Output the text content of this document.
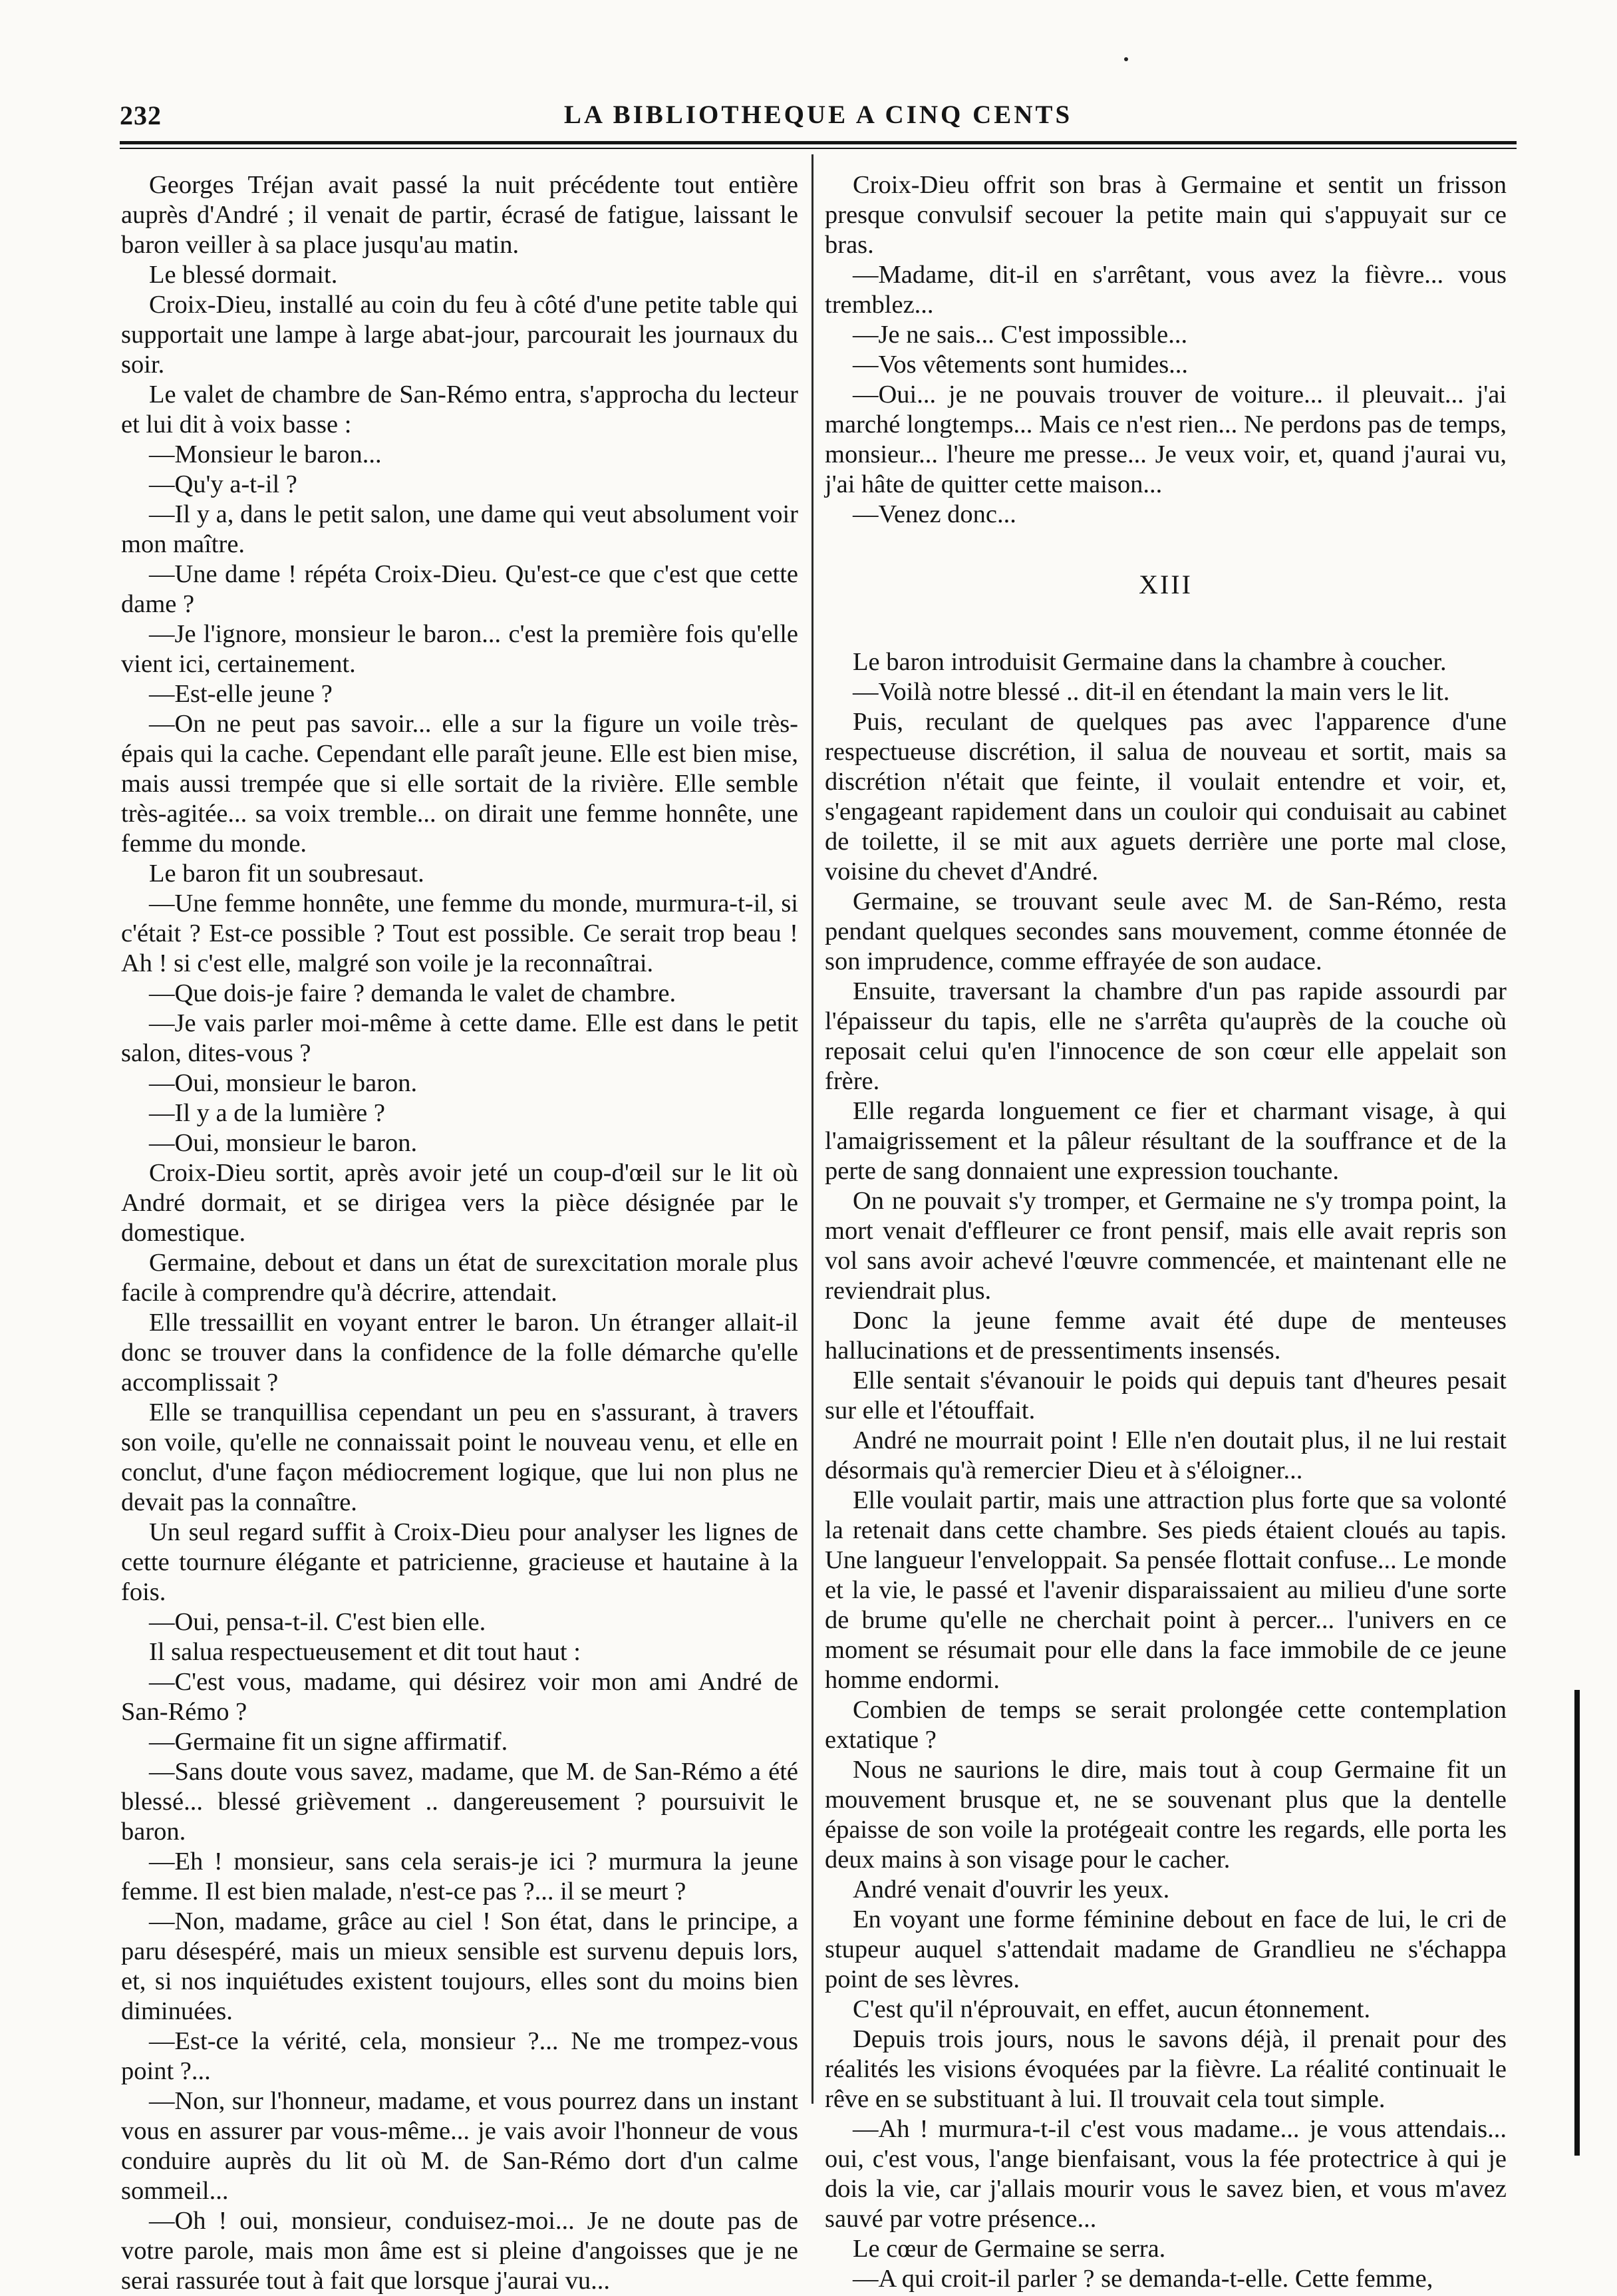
232	LA BIBLIOTHEQUE A CINQ CENTS

Georges Tréjan avait passé la nuit précédente tout entière auprès d'André ; il venait de partir, écrasé de fatigue, laissant le baron veiller à sa place jusqu'au matin.

Le blessé dormait.

Croix-Dieu, installé au coin du feu à côté d'une petite table qui supportait une lampe à large abat-jour, parcourait les journaux du soir.

Le valet de chambre de San-Rémo entra, s'approcha du lecteur et lui dit à voix basse :

—Monsieur le baron...

—Qu'y a-t-il ?

—Il y a, dans le petit salon, une dame qui veut absolument voir mon maître.

—Une dame ! répéta Croix-Dieu. Qu'est-ce que c'est que cette dame ?

—Je l'ignore, monsieur le baron... c'est la première fois qu'elle vient ici, certainement.

—Est-elle jeune ?

—On ne peut pas savoir... elle a sur la figure un voile très-épais qui la cache. Cependant elle paraît jeune. Elle est bien mise, mais aussi trempée que si elle sortait de la rivière. Elle semble très-agitée... sa voix tremble... on dirait une femme honnête, une femme du monde.

Le baron fit un soubresaut.

—Une femme honnête, une femme du monde, murmura-t-il, si c'était ? Est-ce possible ? Tout est possible. Ce serait trop beau ! Ah ! si c'est elle, malgré son voile je la reconnaîtrai.

—Que dois-je faire ? demanda le valet de chambre.

—Je vais parler moi-même à cette dame. Elle est dans le petit salon, dites-vous ?

—Oui, monsieur le baron.

—Il y a de la lumière ?

—Oui, monsieur le baron.

Croix-Dieu sortit, après avoir jeté un coup-d'œil sur le lit où André dormait, et se dirigea vers la pièce désignée par le domestique.

Germaine, debout et dans un état de surexcitation morale plus facile à comprendre qu'à décrire, attendait.

Elle tressaillit en voyant entrer le baron. Un étranger allait-il donc se trouver dans la confidence de la folle démarche qu'elle accomplissait ?

Elle se tranquillisa cependant un peu en s'assurant, à travers son voile, qu'elle ne connaissait point le nouveau venu, et elle en conclut, d'une façon médiocrement logique, que lui non plus ne devait pas la connaître.

Un seul regard suffit à Croix-Dieu pour analyser les lignes de cette tournure élégante et patricienne, gracieuse et hautaine à la fois.

—Oui, pensa-t-il. C'est bien elle.

Il salua respectueusement et dit tout haut :

—C'est vous, madame, qui désirez voir mon ami André de San-Rémo ?

—Germaine fit un signe affirmatif.

—Sans doute vous savez, madame, que M. de San-Rémo a été blessé... blessé grièvement .. dangereusement ? poursuivit le baron.

—Eh ! monsieur, sans cela serais-je ici ? murmura la jeune femme. Il est bien malade, n'est-ce pas ?... il se meurt ?

—Non, madame, grâce au ciel ! Son état, dans le principe, a paru désespéré, mais un mieux sensible est survenu depuis lors, et, si nos inquiétudes existent toujours, elles sont du moins bien diminuées.

—Est-ce la vérité, cela, monsieur ?... Ne me trompez-vous point ?...

—Non, sur l'honneur, madame, et vous pourrez dans un instant vous en assurer par vous-même... je vais avoir l'honneur de vous conduire auprès du lit où M. de San-Rémo dort d'un calme sommeil...

—Oh ! oui, monsieur, conduisez-moi... Je ne doute pas de votre parole, mais mon âme est si pleine d'angoisses que je ne serai rassurée tout à fait que lorsque j'aurai vu...

Croix-Dieu offrit son bras à Germaine et sentit un frisson presque convulsif secouer la petite main qui s'appuyait sur ce bras.

—Madame, dit-il en s'arrêtant, vous avez la fièvre... vous tremblez...

—Je ne sais... C'est impossible...

—Vos vêtements sont humides...

—Oui... je ne pouvais trouver de voiture... il pleuvait... j'ai marché longtemps... Mais ce n'est rien... Ne perdons pas de temps, monsieur... l'heure me presse... Je veux voir, et, quand j'aurai vu, j'ai hâte de quitter cette maison...

—Venez donc...

XIII

Le baron introduisit Germaine dans la chambre à coucher.

—Voilà notre blessé .. dit-il en étendant la main vers le lit.

Puis, reculant de quelques pas avec l'apparence d'une respectueuse discrétion, il salua de nouveau et sortit, mais sa discrétion n'était que feinte, il voulait entendre et voir, et, s'engageant rapidement dans un couloir qui conduisait au cabinet de toilette, il se mit aux aguets derrière une porte mal close, voisine du chevet d'André.

Germaine, se trouvant seule avec M. de San-Rémo, resta pendant quelques secondes sans mouvement, comme étonnée de son imprudence, comme effrayée de son audace.

Ensuite, traversant la chambre d'un pas rapide assourdi par l'épaisseur du tapis, elle ne s'arrêta qu'auprès de la couche où reposait celui qu'en l'innocence de son cœur elle appelait son frère.

Elle regarda longuement ce fier et charmant visage, à qui l'amaigrissement et la pâleur résultant de la souffrance et de la perte de sang donnaient une expression touchante.

On ne pouvait s'y tromper, et Germaine ne s'y trompa point, la mort venait d'effleurer ce front pensif, mais elle avait repris son vol sans avoir achevé l'œuvre commencée, et maintenant elle ne reviendrait plus.

Donc la jeune femme avait été dupe de menteuses hallucinations et de pressentiments insensés.

Elle sentait s'évanouir le poids qui depuis tant d'heures pesait sur elle et l'étouffait.

André ne mourrait point ! Elle n'en doutait plus, il ne lui restait désormais qu'à remercier Dieu et à s'éloigner...

Elle voulait partir, mais une attraction plus forte que sa volonté la retenait dans cette chambre. Ses pieds étaient cloués au tapis. Une langueur l'enveloppait. Sa pensée flottait confuse... Le monde et la vie, le passé et l'avenir disparaissaient au milieu d'une sorte de brume qu'elle ne cherchait point à percer... l'univers en ce moment se résumait pour elle dans la face immobile de ce jeune homme endormi.

Combien de temps se serait prolongée cette contemplation extatique ?

Nous ne saurions le dire, mais tout à coup Germaine fit un mouvement brusque et, ne se souvenant plus que la dentelle épaisse de son voile la protégeait contre les regards, elle porta les deux mains à son visage pour le cacher.

André venait d'ouvrir les yeux.

En voyant une forme féminine debout en face de lui, le cri de stupeur auquel s'attendait madame de Grandlieu ne s'échappa point de ses lèvres.

C'est qu'il n'éprouvait, en effet, aucun étonnement.

Depuis trois jours, nous le savons déjà, il prenait pour des réalités les visions évoquées par la fièvre. La réalité continuait le rêve en se substituant à lui. Il trouvait cela tout simple.

—Ah ! murmura-t-il c'est vous madame... je vous attendais... oui, c'est vous, l'ange bienfaisant, vous la fée protectrice à qui je dois la vie, car j'allais mourir vous le savez bien, et vous m'avez sauvé par votre présence...

Le cœur de Germaine se serra.

—A qui croit-il parler ? se demanda-t-elle. Cette femme,
